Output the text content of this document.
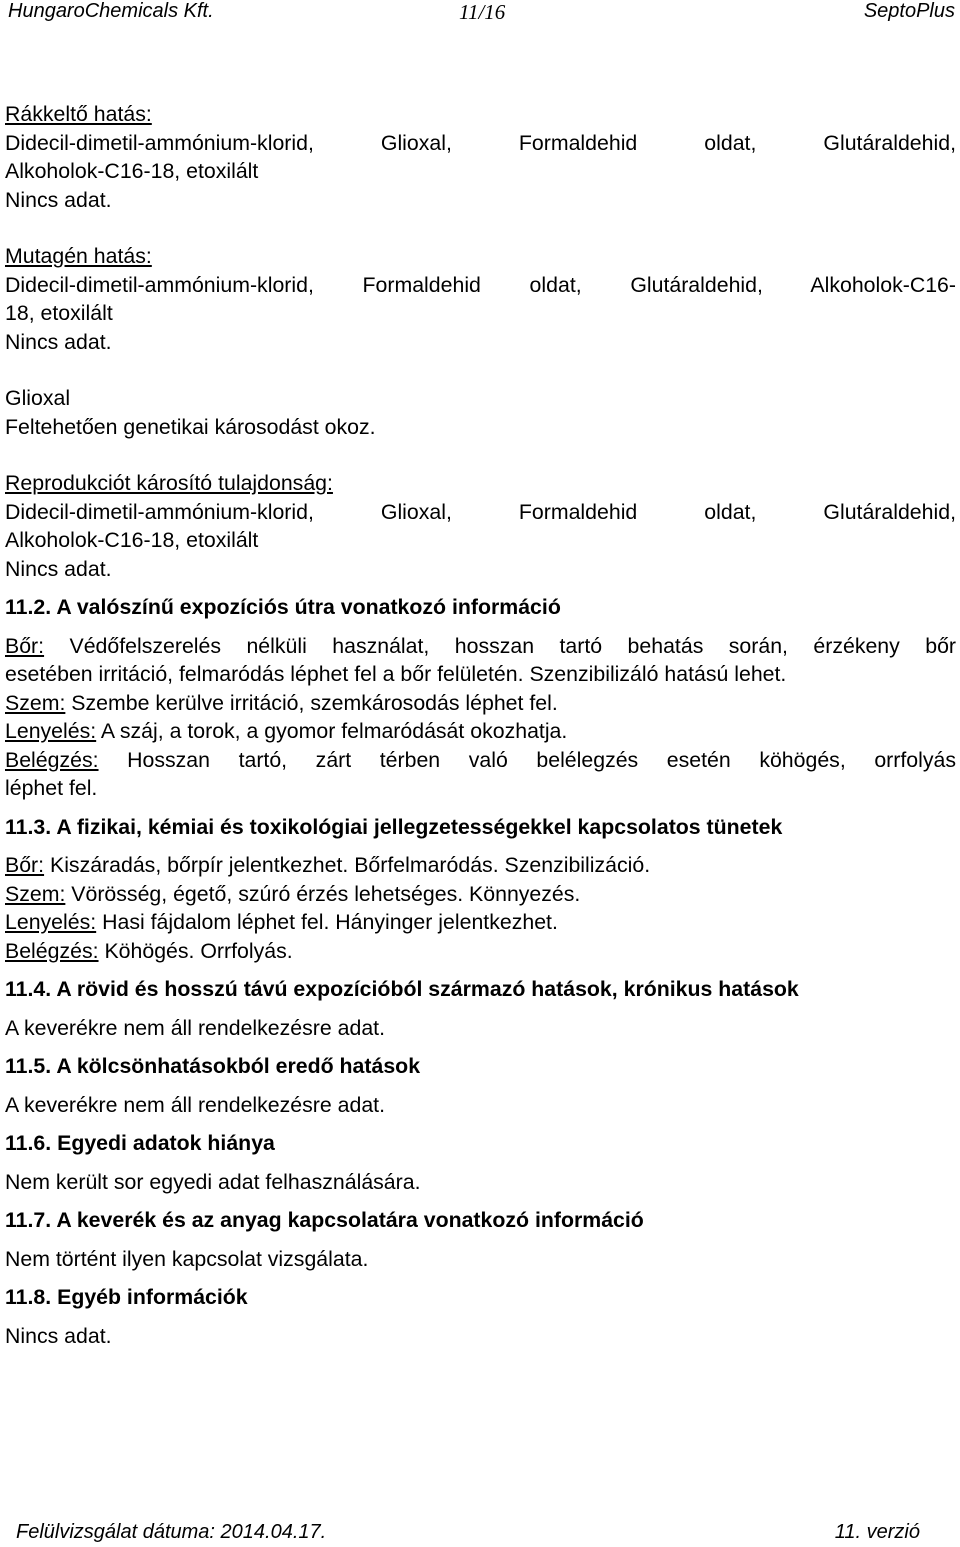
HungaroChemicals Kft.	11/16	SeptoPlus

Rákkeltő hatás:

Didecil-dimetil-ammónium-klorid, Glioxal, Formaldehid oldat, Glutáraldehid,

Alkoholok-C16-18, etoxilált

Nincs adat.

Mutagén hatás:

Didecil-dimetil-ammónium-klorid, Formaldehid oldat, Glutáraldehid, Alkoholok-C16-

18, etoxilált

Nincs adat.

Glioxal

Feltehetően genetikai károsodást okoz.

Reprodukciót károsító tulajdonság:

Didecil-dimetil-ammónium-klorid, Glioxal, Formaldehid oldat, Glutáraldehid,

Alkoholok-C16-18, etoxilált

Nincs adat.

11.2. A valószínű expozíciós útra vonatkozó információ

Bőr: Védőfelszerelés nélküli használat, hosszan tartó behatás során, érzékeny bőr

esetében irritáció, felmaródás léphet fel a bőr felületén. Szenzibilizáló hatású lehet.

Szem: Szembe kerülve irritáció, szemkárosodás léphet fel.

Lenyelés: A száj, a torok, a gyomor felmaródását okozhatja.

Belégzés: Hosszan tartó, zárt térben való belélegzés esetén köhögés, orrfolyás

léphet fel.

11.3. A fizikai, kémiai és toxikológiai jellegzetességekkel kapcsolatos tünetek

Bőr: Kiszáradás, bőrpír jelentkezhet. Bőrfelmaródás. Szenzibilizáció.

Szem: Vörösség, égető, szúró érzés lehetséges. Könnyezés.

Lenyelés: Hasi fájdalom léphet fel. Hányinger jelentkezhet.

Belégzés: Köhögés. Orrfolyás.

11.4. A rövid és hosszú távú expozícióból származó hatások, krónikus hatások

A keverékre nem áll rendelkezésre adat.

11.5. A kölcsönhatásokból eredő hatások

A keverékre nem áll rendelkezésre adat.

11.6. Egyedi adatok hiánya

Nem került sor egyedi adat felhasználására.

11.7. A keverék és az anyag kapcsolatára vonatkozó információ

Nem történt ilyen kapcsolat vizsgálata.

11.8. Egyéb információk

Nincs adat.

Felülvizsgálat dátuma: 2014.04.17.	11. verzió
